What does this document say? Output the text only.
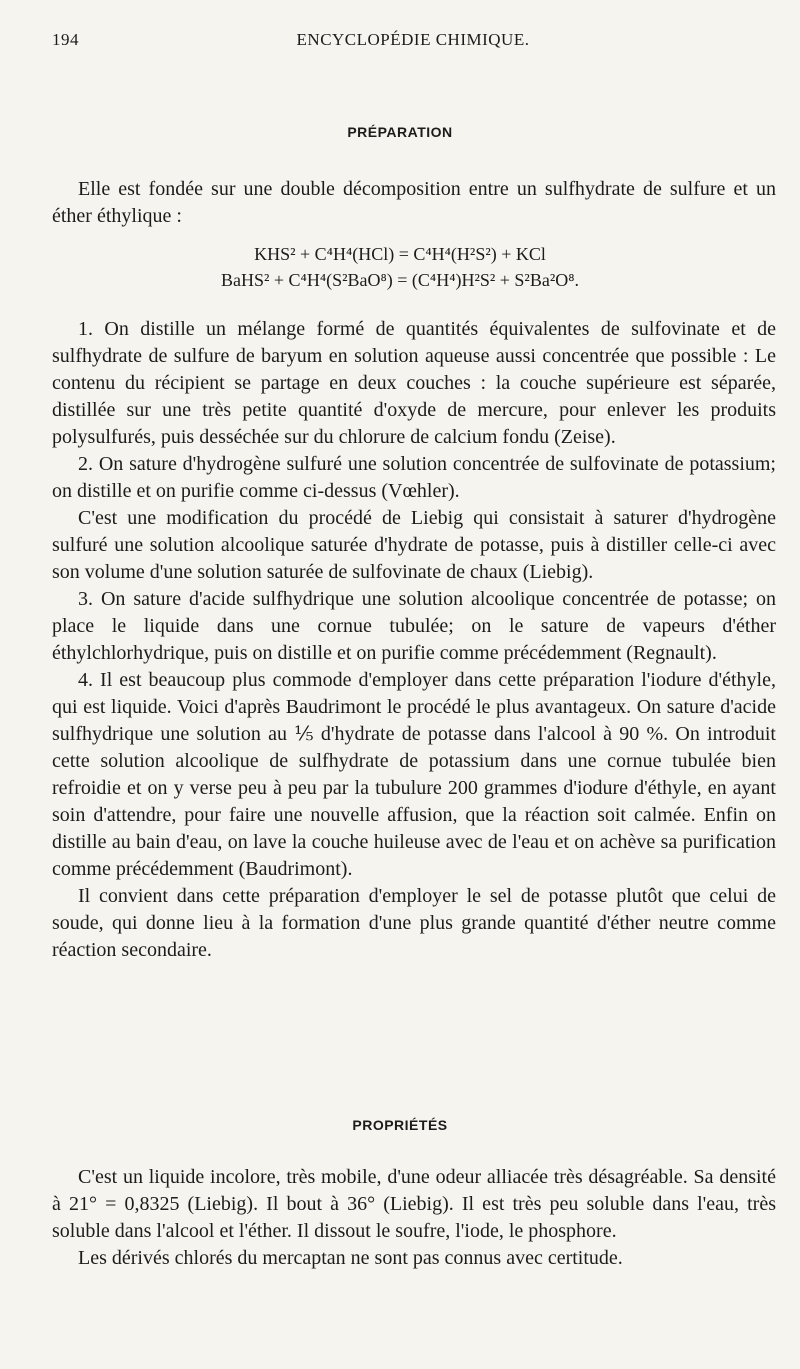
194	ENCYCLOPÉDIE CHIMIQUE.
PRÉPARATION

Elle est fondée sur une double décomposition entre un sulfhydrate de sulfure et un éther éthylique :

KHS² + C⁴H⁴(HCl) = C⁴H⁴(H²S²) + KCl
BaHS² + C⁴H⁴(S²BaO⁸) = (C⁴H⁴)H²S² + S²Ba²O⁸.

1. On distille un mélange formé de quantités équivalentes de sulfovinate et de sulfhydrate de sulfure de baryum en solution aqueuse aussi concentrée que possible : Le contenu du récipient se partage en deux couches : la couche supérieure est séparée, distillée sur une très petite quantité d'oxyde de mercure, pour enlever les produits polysulfurés, puis desséchée sur du chlorure de calcium fondu (Zeise).

2. On sature d'hydrogène sulfuré une solution concentrée de sulfovinate de potassium; on distille et on purifie comme ci-dessus (Vœhler).

C'est une modification du procédé de Liebig qui consistait à saturer d'hydrogène sulfuré une solution alcoolique saturée d'hydrate de potasse, puis à distiller celle-ci avec son volume d'une solution saturée de sulfovinate de chaux (Liebig).

3. On sature d'acide sulfhydrique une solution alcoolique concentrée de potasse; on place le liquide dans une cornue tubulée; on le sature de vapeurs d'éther éthylchlorhydrique, puis on distille et on purifie comme précédemment (Regnault).

4. Il est beaucoup plus commode d'employer dans cette préparation l'iodure d'éthyle, qui est liquide. Voici d'après Baudrimont le procédé le plus avantageux. On sature d'acide sulfhydrique une solution au ⅕ d'hydrate de potasse dans l'alcool à 90 %. On introduit cette solution alcoolique de sulfhydrate de potassium dans une cornue tubulée bien refroidie et on y verse peu à peu par la tubulure 200 grammes d'iodure d'éthyle, en ayant soin d'attendre, pour faire une nouvelle affusion, que la réaction soit calmée. Enfin on distille au bain d'eau, on lave la couche huileuse avec de l'eau et on achève sa purification comme précédemment (Baudrimont).

Il convient dans cette préparation d'employer le sel de potasse plutôt que celui de soude, qui donne lieu à la formation d'une plus grande quantité d'éther neutre comme réaction secondaire.

PROPRIÉTÉS

C'est un liquide incolore, très mobile, d'une odeur alliacée très désagréable. Sa densité à 21° = 0,8325 (Liebig). Il bout à 36° (Liebig). Il est très peu soluble dans l'eau, très soluble dans l'alcool et l'éther. Il dissout le soufre, l'iode, le phosphore.

Les dérivés chlorés du mercaptan ne sont pas connus avec certitude.
